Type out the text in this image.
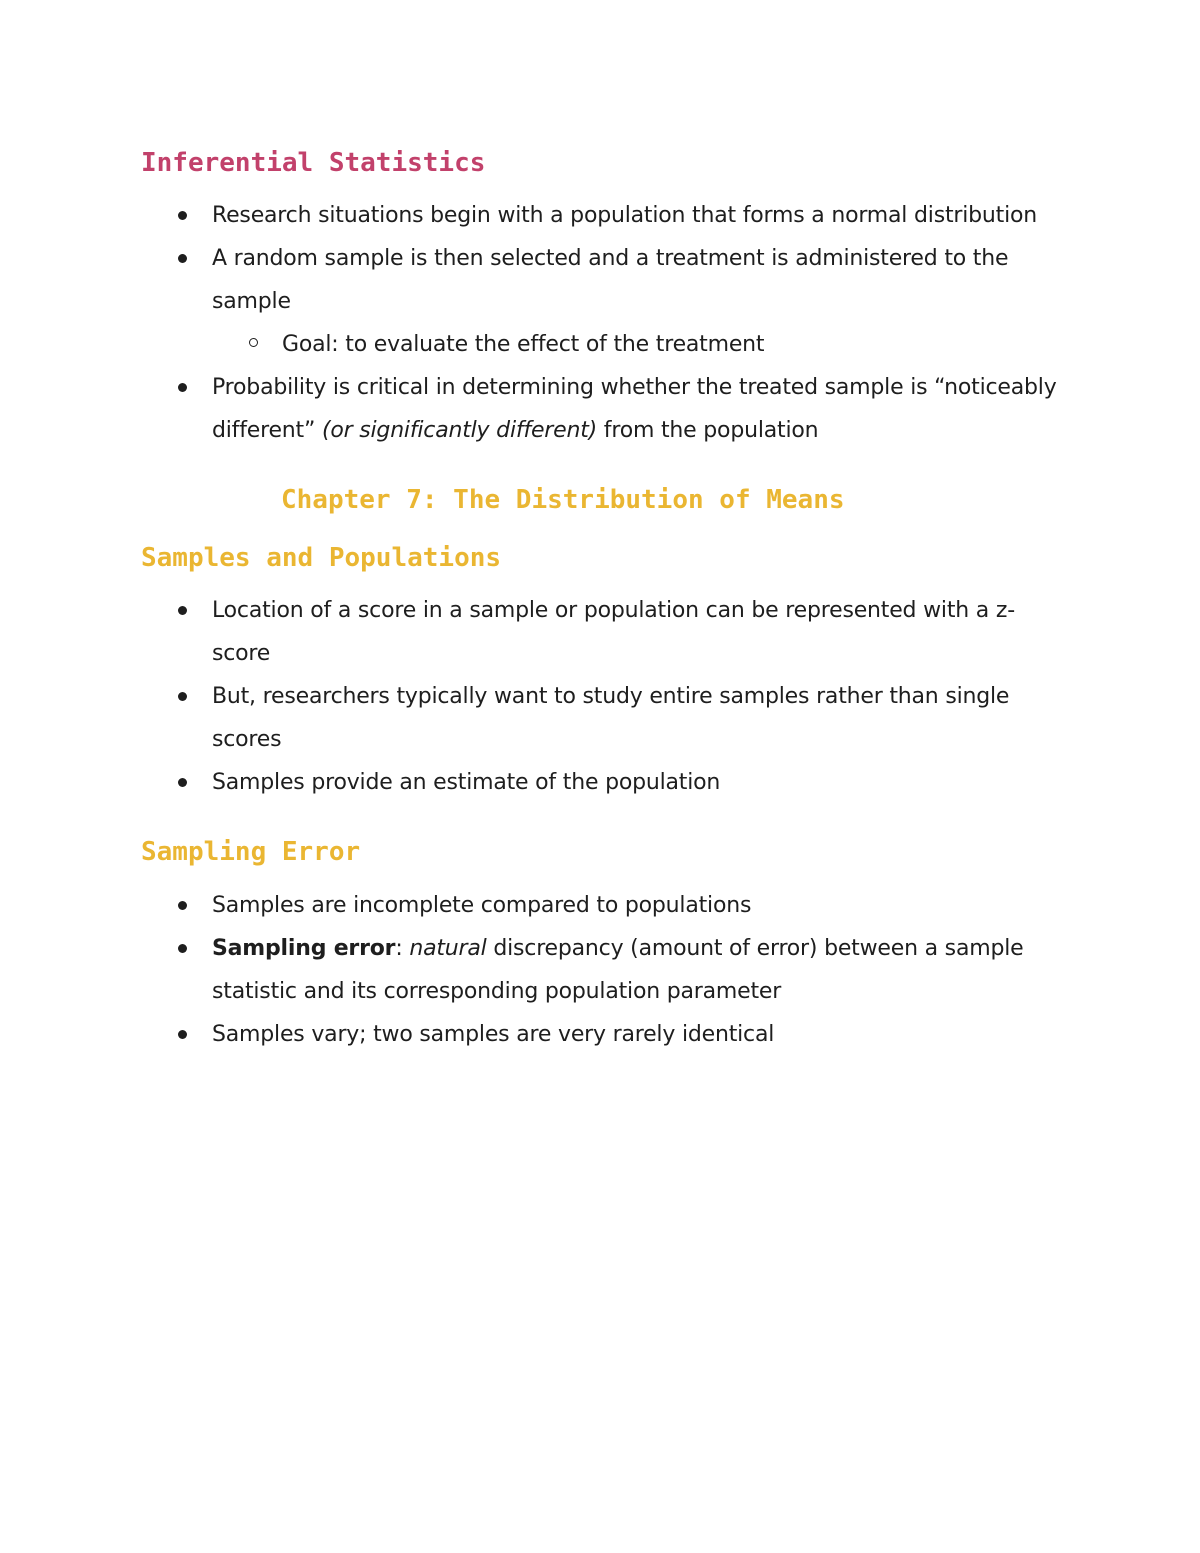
Inferential Statistics
Research situations begin with a population that forms a normal distribution
A random sample is then selected and a treatment is administered to the sample
Goal: to evaluate the effect of the treatment
Probability is critical in determining whether the treated sample is “noticeably different” (or significantly different) from the population
Chapter 7: The Distribution of Means
Samples and Populations
Location of a score in a sample or population can be represented with a z-score
But, researchers typically want to study entire samples rather than single scores
Samples provide an estimate of the population
Sampling Error
Samples are incomplete compared to populations
Sampling error: natural discrepancy (amount of error) between a sample statistic and its corresponding population parameter
Samples vary; two samples are very rarely identical
